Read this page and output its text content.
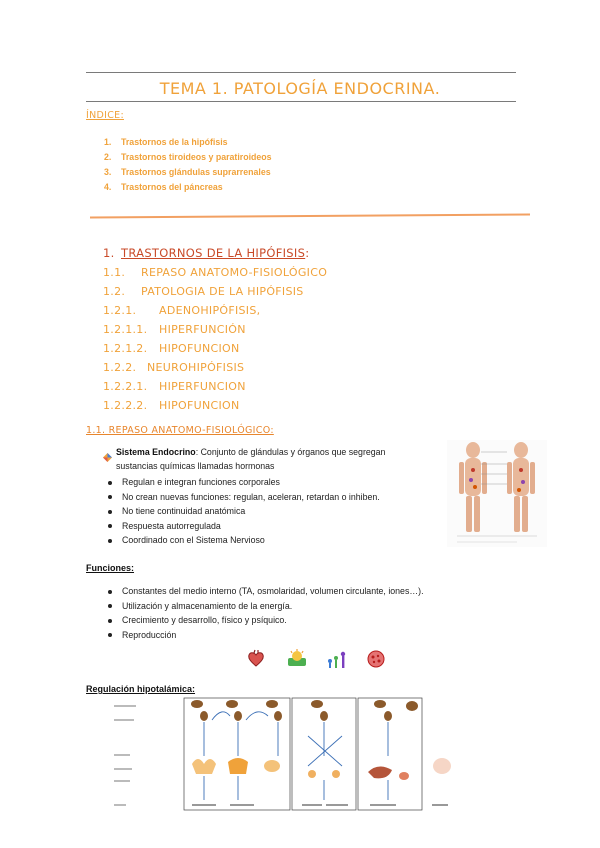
TEMA 1. PATOLOGÍA ENDOCRINA.
ÍNDICE:
1. Trastornos de la hipófisis
2. Trastornos tiroideos y paratiroideos
3. Trastornos glándulas suprarrenales
4. Trastornos del páncreas
1. TRASTORNOS DE LA HIPÓFISIS:
1.1. REPASO ANATOMO-FISIOLÓGICO
1.2. PATOLOGIA DE LA HIPÓFISIS
1.2.1. ADENOHIPÓFISIS,
1.2.1.1. HIPERFUNCIÓN
1.2.1.2. HIPOFUNCION
1.2.2. NEUROHIPÓFISIS
1.2.2.1. HIPERFUNCION
1.2.2.2. HIPOFUNCION
1.1. REPASO ANATOMO-FISIOLÓGICO:
Sistema Endocrino: Conjunto de glándulas y órganos que segregan sustancias químicas llamadas hormonas
Regulan e integran funciones corporales
No crean nuevas funciones: regulan, aceleran, retardan o inhiben.
No tiene continuidad anatómica
Respuesta autorregulada
Coordinado con el Sistema Nervioso
Funciones:
Constantes del medio interno (TA, osmolaridad, volumen circulante, iones…).
Utilización y almacenamiento de la energía.
Crecimiento y desarrollo, físico y psíquico.
Reproducción
Regulación hipotalámica:
